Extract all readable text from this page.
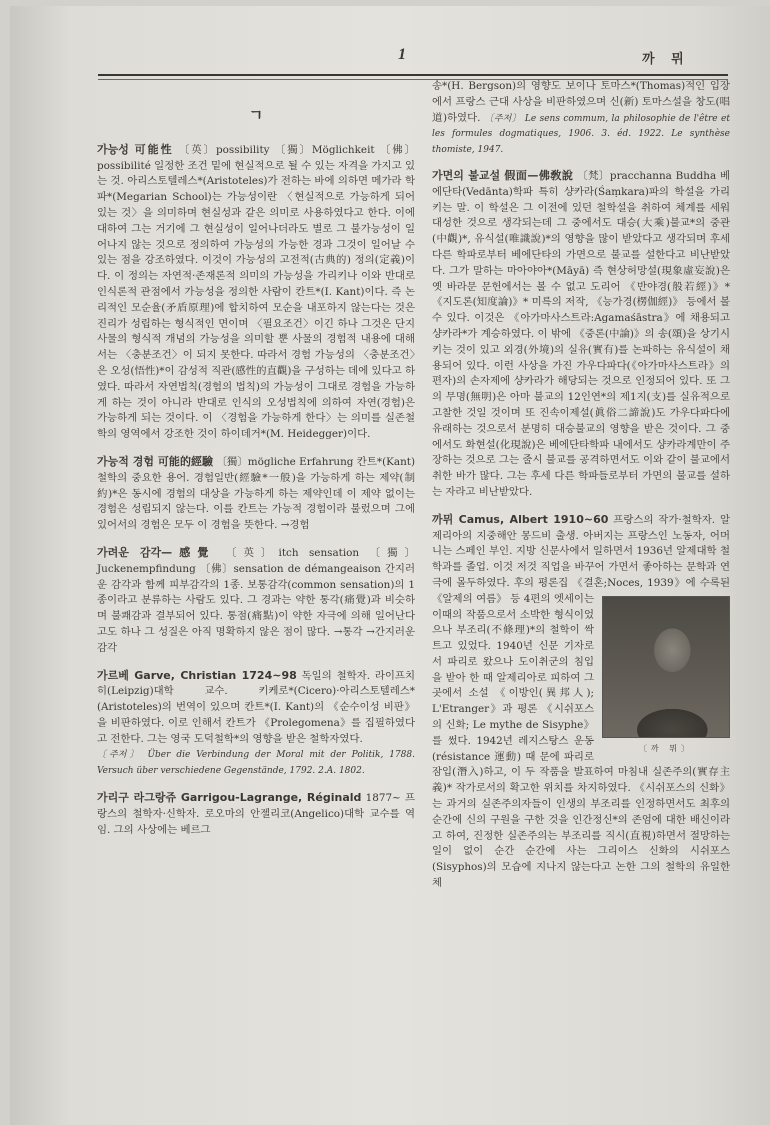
1	까 뮈
ㄱ

가능성 可能性 〔英〕possibility 〔獨〕Möglichkeit 〔佛〕possibilité 일정한 조건 밑에 현실적으로 될 수 있는 자격을 가지고 있는 것. 아리스토텔레스*(Aristoteles)가 전하는 바에 의하면 메가라 학파*(Megarian School)는 가능성이란 〈현실적으로 가능하게 되어 있는 것〉을 의미하며 현실성과 같은 의미로 사용하였다고 한다. 이에 대하여 그는 거기에 그 현실성이 일어나더라도 별로 그 불가능성이 일어나지 않는 것으로 정의하여 가능성의 가능한 경과 그것이 일어날 수 있는 점을 강조하였다. 이것이 가능성의 고전적(古典的) 정의(定義)이다. 이 정의는 자연적·존재론적 의미의 가능성을 가리키나 이와 반대로 인식론적 관점에서 가능성을 정의한 사람이 칸트*(I. Kant)이다. 즉 논리적인 모순율(矛盾原理)에 합치하여 모순을 내포하지 않는다는 것은 진리가 성립하는 형식적인 면이며 〈필요조건〉이긴 하나 그것은 단지 사물의 형식적 개념의 가능성을 의미할 뿐 사물의 경험적 내용에 대해서는 〈충분조건〉이 되지 못한다. 따라서 경험 가능성의 〈충분조건〉은 오성(悟性)*이 감성적 직관(感性的直觀)을 구성하는 데에 있다고 하였다. 따라서 자연법칙(경험의 법칙)의 가능성이 그대로 경험을 가능하게 하는 것이 아니라 반대로 인식의 오성법칙에 의하여 자연(경험)은 가능하게 되는 것이다. 이 〈경험을 가능하게 한다〉는 의미를 실존철학의 영역에서 강조한 것이 하이데거*(M. Heidegger)이다.

가능적 경험 可能的經驗 〔獨〕mögliche Erfahrung 칸트*(Kant)철학의 중요한 용어. 경험일반(經驗*一般)을 가능하게 하는 제약(制約)*은 동시에 경험의 대상을 가능하게 하는 제약인데 이 제약 없이는 경험은 성립되지 않는다. 이를 칸트는 가능적 경험이라 불렀으며 그에 있어서의 경험은 모두 이 경험을 뜻한다. →경험

가려운 감각—感覺 〔英〕itch sensation 〔獨〕Juckenempfindung 〔佛〕sensation de démangeaison 간지러운 감각과 함께 피부감각의 1종. 보통감각(common sensation)의 1종이라고 분류하는 사람도 있다. 그 경과는 약한 통각(痛覺)과 비슷하며 불쾌감과 결부되어 있다. 통점(痛點)이 약한 자극에 의해 일어난다고도 하나 그 성질은 아직 명확하지 않은 점이 많다. →통각 →간지러운 감각

가르베 Garve, Christian 1724~98 독일의 철학자. 라이프치히(Leipzig)대학 교수. 키케로*(Cicero)·아리스토텔레스*(Aristoteles)의 번역이 있으며 칸트*(I. Kant)의 《순수이성 비판》을 비판하였다. 이로 인해서 칸트가 《Prolegomena》를 집필하였다고 전한다. 그는 영국 도덕철학*의 영향을 받은 철학자였다.
〔주저〕 Über die Verbindung der Moral mit der Politik, 1788. Versuch über verschiedene Gegenstände, 1792. 2.A. 1802.

가리구 라그랑쥬 Garrigou-Lagrange, Réginald 1877~ 프랑스의 철학자·신학자. 로오마의 안젤리코(Angelico)대학 교수를 역임. 그의 사상에는 베르그

송*(H. Bergson)의 영향도 보이나 토마스*(Thomas)적인 입장에서 프랑스 근대 사상을 비판하였으며 신(新) 토마스설을 창도(唱道)하였다. 〔주저〕 Le sens commum, la philosophie de l'être et les formules dogmatiques, 1906. 3. éd. 1922. Le synthèse thomiste, 1947.

가면의 불교설 假面—佛敎說 〔梵〕pracchanna Buddha 베에단타(Vedānta)학파 특히 샹카라(Śaṃkara)파의 학설을 가리키는 말. 이 학설은 그 이전에 있던 철학설을 취하여 체계를 세워 대성한 것으로 생각되는데 그 중에서도 대승(大乘)불교*의 중관(中觀)*, 유식설(唯識說)*의 영향을 많이 받았다고 생각되며 후세 다른 학파로부터 베에단타의 가면으로 불교를 설한다고 비난받았다. 그가 말하는 마아야아*(Māyā) 즉 현상허망설(現象虛妄說)은 옛 바라문 문헌에서는 볼 수 없고 도리어 《반야경(般若經)》*《지도론(知度論)》* 미륵의 저작, 《능가경(楞伽經)》 등에서 볼 수 있다. 이것은 《아가마사스트라:Agamaśāstra》에 채용되고 샹카라*가 계승하였다. 이 밖에 《중론(中論)》의 송(頌)을 상기시키는 것이 있고 외경(外境)의 실유(實有)를 논파하는 유식설이 채용되어 있다. 이런 사상을 가진 가우다파다(《아가마사스트라》의 편자)의 손자제에 샹카라가 해당되는 것으로 인정되어 있다. 또 그의 무명(無明)은 아마 불교의 12인연*의 제1지(支)를 실유적으로 고찰한 것일 것이며 또 진속이제설(眞俗二諦說)도 가우다파다에 유래하는 것으로서 분명히 대승불교의 영향을 받은 것이다. 그 중에서도 화현설(化現說)은 베에단타학파 내에서도 샹카라계만이 주장하는 것으로 그는 줄시 불교를 공격하면서도 이와 같이 불교에서 취한 바가 많다. 그는 후세 다른 학파들로부터 가면의 불교를 설하는 자라고 비난받았다.

까뮈 Camus, Albert 1910~60 프랑스의 작가·철학자. 알제리아의 지중해안 몽드비 출생. 아버지는 프랑스인 노동자, 어머니는 스페인 부인. 지방 신문사에서 일하면서 1936년 알제대학 철학과를 졸업. 이것 저것 직업을 바꾸어 가면서 좋아하는 문학과 연극에 몰두하였다. 후의 평론집 《결혼;Noces, 1939》에
〔까 뮈〕
수록된 《알제의 여름》 등 4편의 엣세이는 이때의 작품으로서 소박한 형식이었으나 부조리(不條理)*의 철학이 싹트고 있었다. 1940년 신문 기자로서 파리로 왔으나 도이취군의 침입을 받아 한 때 알제리아로 피하여 그곳에서 소설 《이방인(異邦人); L'Etranger》과 평론 《시쉬포스의 신화; Le mythe de Sisyphe》를 썼다. 1942년 레지스탕스 운동(résistance 運動) 때 문에 파리로 잠입(潛入)하고, 이 두 작품을 발표하여 마침내 실존주의(實存主義)* 작가로서의 확고한 위치를 차지하였다. 《시쉬포스의 신화》는 과거의 실존주의자들이 인생의 부조리를 인정하면서도 최후의 순간에 신의 구원을 구한 것을 인간정신*의 존엄에 대한 배신이라고 하여, 진정한 실존주의는 부조리를 직시(直視)하면서 절망하는 일이 없이 순간 순간에 사는 그리이스 신화의 시쉬포스(Sisyphos)의 모습에 지나지 않는다고 논한 그의 철학의 유일한 체
